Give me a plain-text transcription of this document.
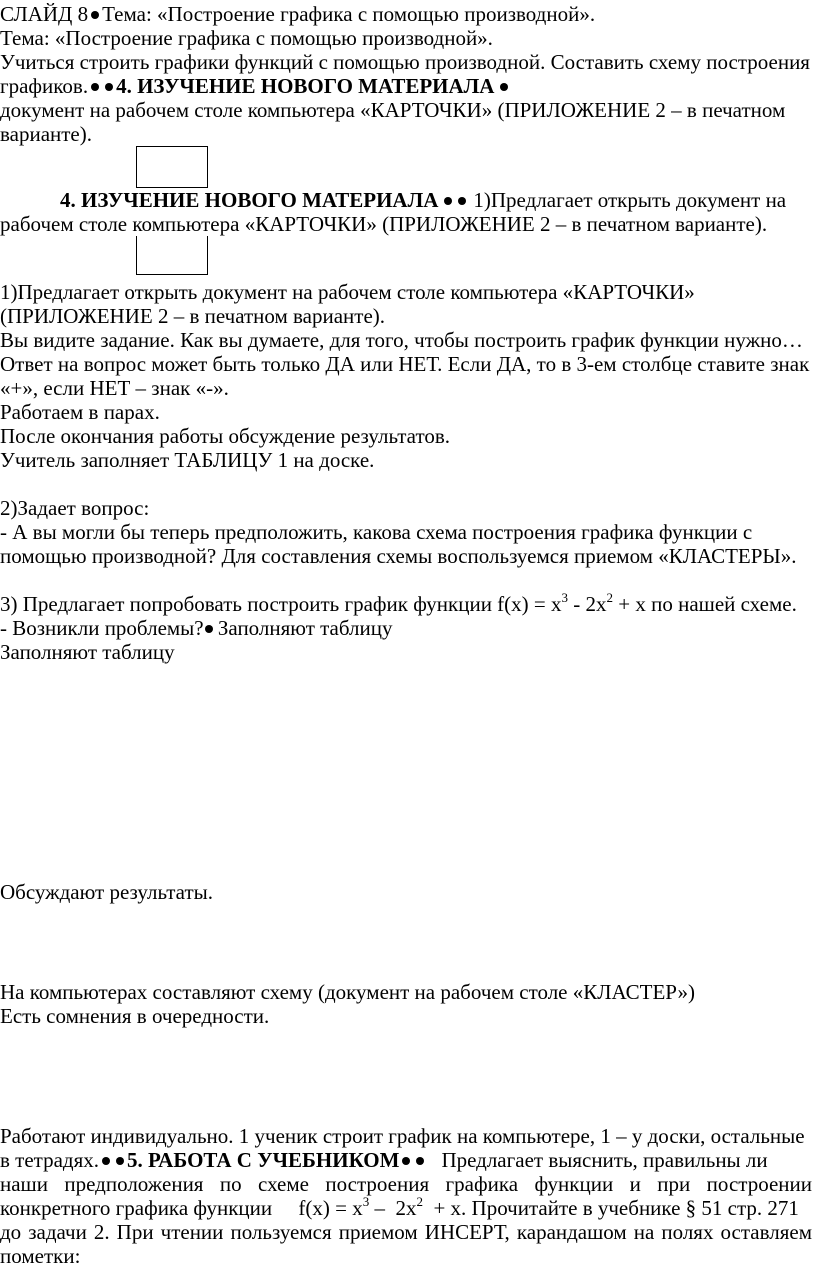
СЛАЙД 8 Тема: «Построение графика с помощью производной».
Тема: «Построение графика с помощью производной».
Учиться строить графики функций с помощью производной. Составить схему построения
графиков. 4. ИЗУЧЕНИЕ НОВОГО МАТЕРИАЛА
документ на рабочем столе компьютера «КАРТОЧКИ» (ПРИЛОЖЕНИЕ 2 – в печатном
варианте).
4. ИЗУЧЕНИЕ НОВОГО МАТЕРИАЛА 1)Предлагает открыть документ на
рабочем столе компьютера «КАРТОЧКИ» (ПРИЛОЖЕНИЕ 2 – в печатном варианте).
1)Предлагает открыть документ на рабочем столе компьютера «КАРТОЧКИ»
(ПРИЛОЖЕНИЕ 2 – в печатном варианте).
Вы видите задание. Как вы думаете, для того, чтобы построить график функции нужно…
Ответ на вопрос может быть только ДА или НЕТ. Если ДА, то в 3-ем столбце ставите знак
«+», если НЕТ – знак «-».
Работаем в парах.
После окончания работы обсуждение результатов.
Учитель заполняет ТАБЛИЦУ 1 на доске.
2)Задает вопрос:
- А вы могли бы теперь предположить, какова схема построения графика функции с
помощью производной? Для составления схемы воспользуемся приемом «КЛАСТЕРЫ».
3) Предлагает попробовать построить график функции $f(x) = x^3 - 2x^2 + x$ по нашей схеме.
- Возникли проблемы? Заполняют таблицу
Заполняют таблицу
Обсуждают результаты.
На компьютерах составляют схему (документ на рабочем столе «КЛАСТЕР»)
Есть сомнения в очередности.
Работают индивидуально. 1 ученик строит график на компьютере, 1 – у доски, остальные
в тетрадях. 5. РАБОТА С УЧЕБНИКОМ Предлагает выяснить, правильны ли
наши предположения по схеме построения графика функции и при построении
конкретного графика функции     $f(x) = x^3 - 2x^2 + x$. Прочитайте в учебнике § 51 стр. 271
до задачи 2. При чтении пользуемся приемом ИНСЕРТ, карандашом на полях оставляем
пометки:
